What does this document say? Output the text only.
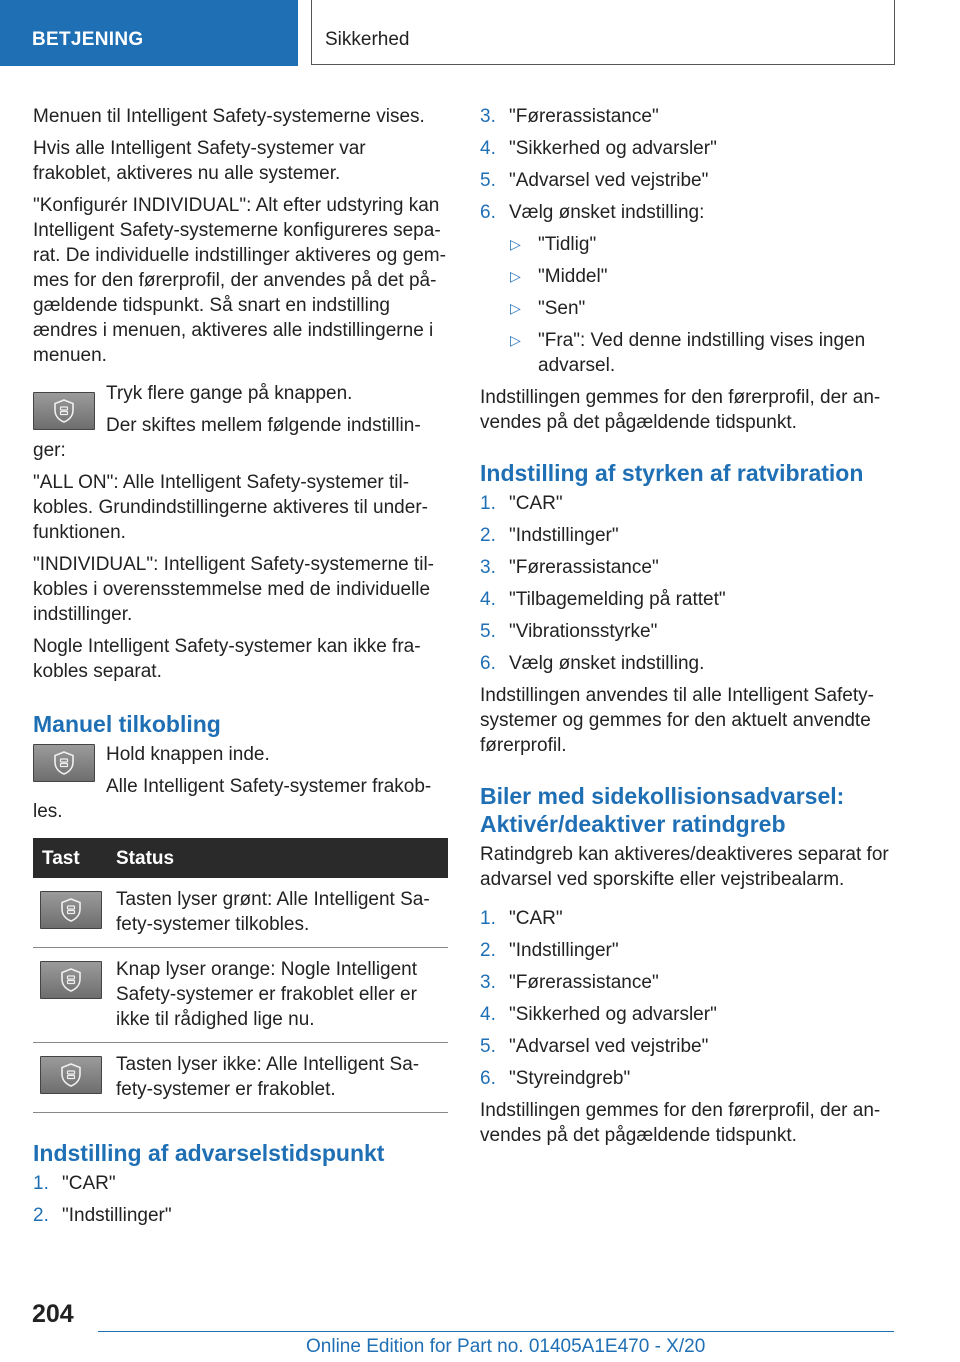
BETJENING	Sikkerhed

Menuen til Intelligent Safety-systemerne vises.

Hvis alle Intelligent Safety-systemer var frakoblet, aktiveres nu alle systemer.

"Konfigurér INDIVIDUAL": Alt efter udstyring kan Intelligent Safety-systemerne konfigureres sepa-rat. De individuelle indstillinger aktiveres og gem-mes for den førerprofil, der anvendes på det på-gældende tidspunkt. Så snart en indstilling ændres i menuen, aktiveres alle indstillingerne i menuen.

Tryk flere gange på knappen.

Der skiftes mellem følgende indstillin-ger:

"ALL ON": Alle Intelligent Safety-systemer til-kobles. Grundindstillingerne aktiveres til under-funktionen.

"INDIVIDUAL": Intelligent Safety-systemerne til-kobles i overensstemmelse med de individuelle indstillinger.

Nogle Intelligent Safety-systemer kan ikke fra-kobles separat.

Manuel tilkobling

Hold knappen inde.

Alle Intelligent Safety-systemer frakob-les.

Tast	Status

	Tasten lyser grønt: Alle Intelligent Sa-fety-systemer tilkobles.

	Knap lyser orange: Nogle Intelligent Safety-systemer er frakoblet eller er ikke til rådighed lige nu.

	Tasten lyser ikke: Alle Intelligent Sa-fety-systemer er frakoblet.
Indstilling af advarselstidspunkt
1. "CAR"
2. "Indstillinger"
3. "Førerassistance"
4. "Sikkerhed og advarsler"
5. "Advarsel ved vejstribe"
6. Vælg ønsket indstilling:
▷ "Tidlig"
▷ "Middel"
▷ "Sen"
▷ "Fra": Ved denne indstilling vises ingen advarsel.

Indstillingen gemmes for den førerprofil, der an-vendes på det pågældende tidspunkt.

Indstilling af styrken af ratvibration
1. "CAR"
2. "Indstillinger"
3. "Førerassistance"
4. "Tilbagemelding på rattet"
5. "Vibrationsstyrke"
6. Vælg ønsket indstilling.

Indstillingen anvendes til alle Intelligent Safety-systemer og gemmes for den aktuelt anvendte førerprofil.

Biler med sidekollisionsadvarsel: Aktivér/deaktiver ratindgreb

Ratindgreb kan aktiveres/deaktiveres separat for advarsel ved sporskifte eller vejstribealarm.

1. "CAR"
2. "Indstillinger"
3. "Førerassistance"
4. "Sikkerhed og advarsler"
5. "Advarsel ved vejstribe"
6. "Styreindgreb"

Indstillingen gemmes for den førerprofil, der an-vendes på det pågældende tidspunkt.

204
Online Edition for Part no. 01405A1E470 - X/20
